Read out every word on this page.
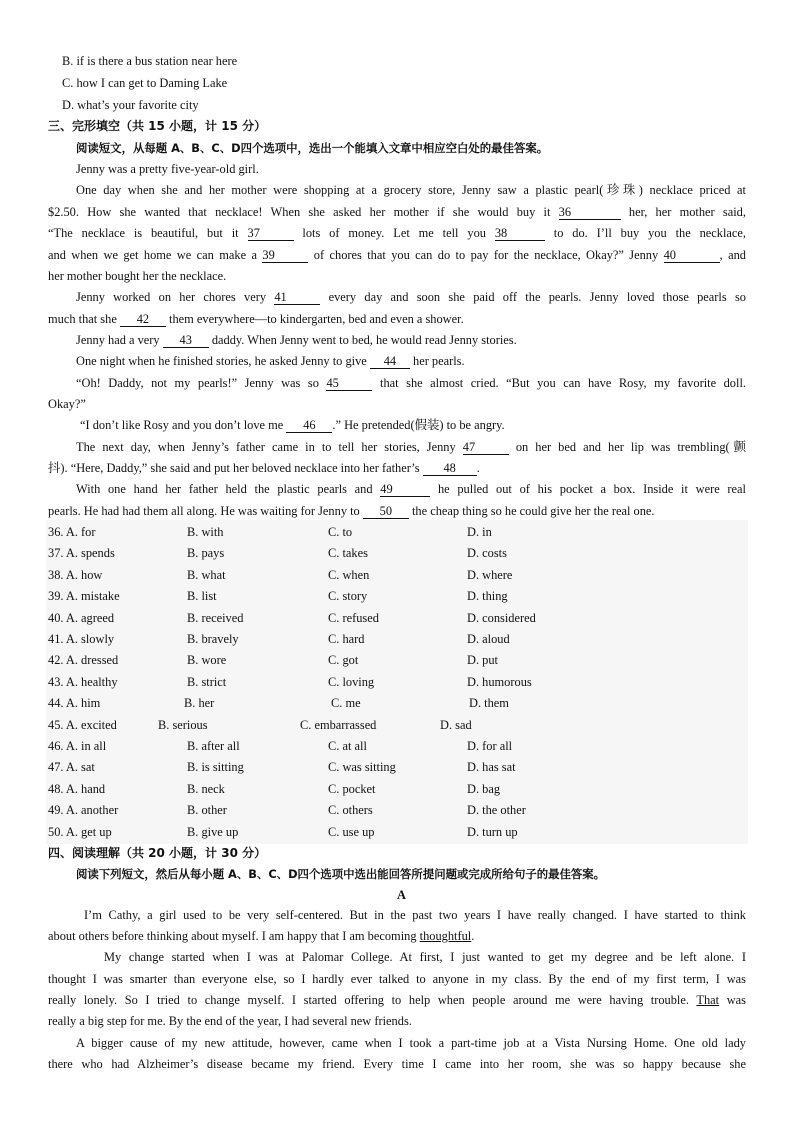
B. if is there a bus station near here
C. how I can get to Daming Lake
D. what’s your favorite city
三、完形填空（共 15 小题，计 15 分）
阅读短文，从每题 A、B、C、D四个选项中，选出一个能填入文章中相应空白处的最佳答案。
Jenny was a pretty five-year-old girl.
One day when she and her mother were shopping at a grocery store, Jenny saw a plastic pearl(珍珠) necklace priced at
$2.50. How she wanted that necklace! When she asked her mother if she would buy it 36	her, her mother said,
“The necklace is beautiful, but it 37	lots of money. Let me tell you 38	to do. I’ll buy you the necklace,
and when we get home we can make a 39	of chores that you can do to pay for the necklace, Okay?” Jenny 40	, and
her mother bought her the necklace.
Jenny worked on her chores very 41	every day and soon she paid off the pearls. Jenny loved those pearls so
much that she 42 them everywhere—to kindergarten, bed and even a shower.
Jenny had a very 43 daddy. When Jenny went to bed, he would read Jenny stories.
One night when he finished stories, he asked Jenny to give 44 her pearls.
“Oh! Daddy, not my pearls!” Jenny was so 45	that she almost cried. “But you can have Rosy, my favorite doll.
Okay?”
“I don’t like Rosy and you don’t love me 46 .” He pretended(假装) to be angry.
The next day, when Jenny’s father came in to tell her stories, Jenny 47	on her bed and her lip was trembling(颤
抖). “Here, Daddy,” she said and put her beloved necklace into her father’s 48 .
With one hand her father held the plastic pearls and 49	he pulled out of his pocket a box. Inside it were real
pearls. He had had them all along. He was waiting for Jenny to 50 the cheap thing so he could give her the real one.
36. A. for	B. with	C. to	D. in
37. A. spends	B. pays	C. takes	D. costs
38. A. how	B. what	C. when	D. where
39. A. mistake	B. list	C. story	D. thing
40. A. agreed	B. received	C. refused	D. considered
41. A. slowly	B. bravely	C. hard	D. aloud
42. A. dressed	B. wore	C. got	D. put
43. A. healthy	B. strict	C. loving	D. humorous
44. A. him	B. her	C. me	D. them
45. A. excited	B. serious	C. embarrassed	D. sad
46. A. in all	B. after all	C. at all	D. for all
47. A. sat	B. is sitting	C. was sitting	D. has sat
48. A. hand	B. neck	C. pocket	D. bag
49. A. another	B. other	C. others	D. the other
50. A. get up	B. give up	C. use up	D. turn up
四、阅读理解（共 20 小题，计 30 分）
阅读下列短文，然后从每小题 A、B、C、D四个选项中选出能回答所提问题或完成所给句子的最佳答案。
A
I’m Cathy, a girl used to be very self-centered. But in the past two years I have really changed. I have started to think
about others before thinking about myself. I am happy that I am becoming thoughtful.
My change started when I was at Palomar College. At first, I just wanted to get my degree and be left alone. I
thought I was smarter than everyone else, so I hardly ever talked to anyone in my class. By the end of my first term, I was
really lonely. So I tried to change myself. I started offering to help when people around me were having trouble. That was
really a big step for me. By the end of the year, I had several new friends.
A bigger cause of my new attitude, however, came when I took a part-time job at a Vista Nursing Home. One old lady
there who had Alzheimer’s disease became my friend. Every time I came into her room, she was so happy because she
